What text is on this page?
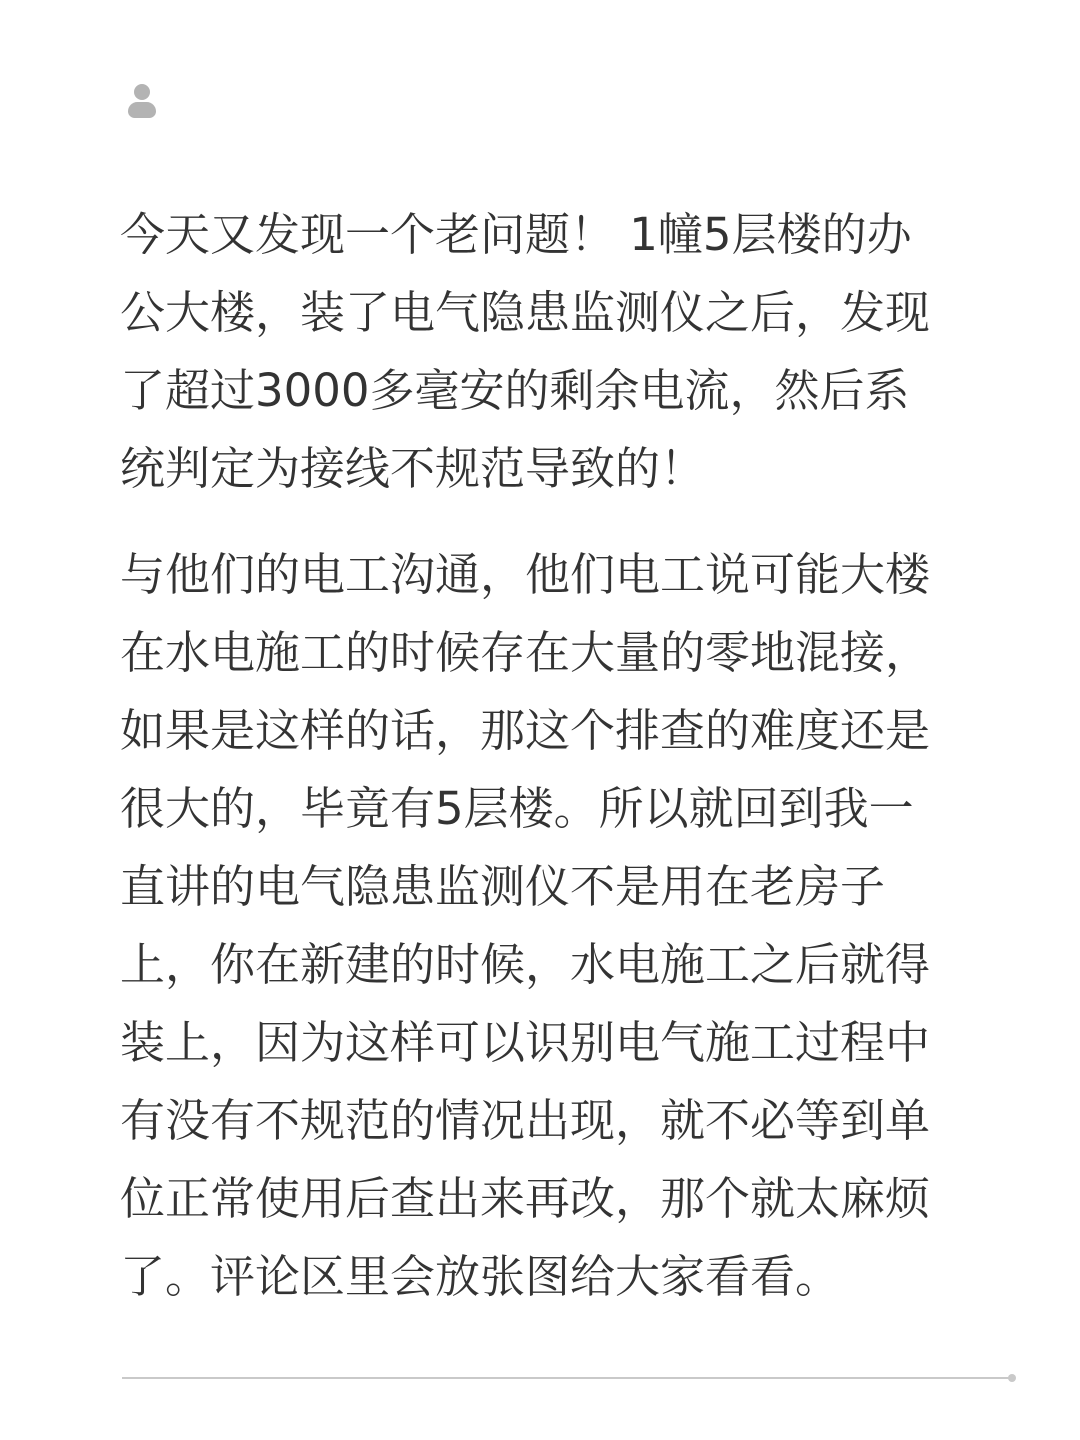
今天又发现一个老问题！ 1幢5层楼的办公大楼，装了电气隐患监测仪之后，发现了超过3000多毫安的剩余电流，然后系统判定为接线不规范导致的！

与他们的电工沟通，他们电工说可能大楼在水电施工的时候存在大量的零地混接，如果是这样的话，那这个排查的难度还是很大的，毕竟有5层楼。所以就回到我一直讲的电气隐患监测仪不是用在老房子上，你在新建的时候，水电施工之后就得装上，因为这样可以识别电气施工过程中有没有不规范的情况出现，就不必等到单位正常使用后查出来再改，那个就太麻烦了。评论区里会放张图给大家看看。
